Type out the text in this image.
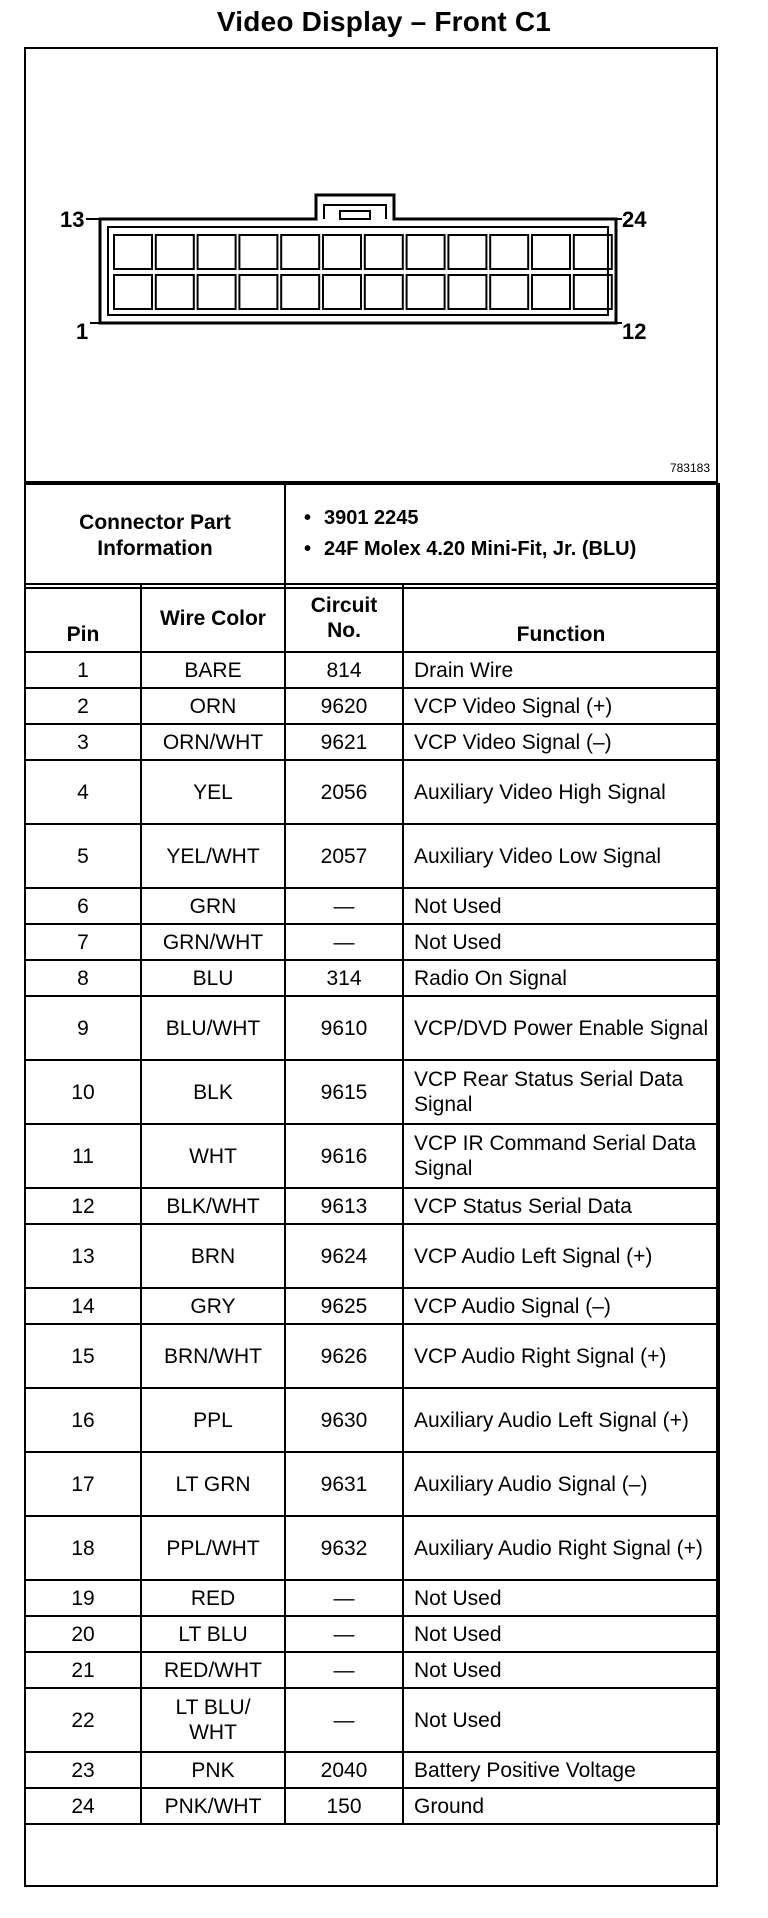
Video Display – Front C1
13	24
1	12
783183
Connector Part
Information

• 3901 2245
• 24F Molex 4.20 Mini-Fit, Jr. (BLU)
Pin	Wire Color	Circuit No.	Function
1	BARE	814	Drain Wire
2	ORN	9620	VCP Video Signal (+)
3	ORN/WHT	9621	VCP Video Signal (–)
4	YEL	2056	Auxiliary Video High Signal
5	YEL/WHT	2057	Auxiliary Video Low Signal
6	GRN	—	Not Used
7	GRN/WHT	—	Not Used
8	BLU	314	Radio On Signal
9	BLU/WHT	9610	VCP/DVD Power Enable Signal
10	BLK	9615	VCP Rear Status Serial Data Signal
11	WHT	9616	VCP IR Command Serial Data Signal
12	BLK/WHT	9613	VCP Status Serial Data
13	BRN	9624	VCP Audio Left Signal (+)
14	GRY	9625	VCP Audio Signal (–)
15	BRN/WHT	9626	VCP Audio Right Signal (+)
16	PPL	9630	Auxiliary Audio Left Signal (+)
17	LT GRN	9631	Auxiliary Audio Signal (–)
18	PPL/WHT	9632	Auxiliary Audio Right Signal (+)
19	RED	—	Not Used
20	LT BLU	—	Not Used
21	RED/WHT	—	Not Used
22	LT BLU/ WHT	—	Not Used
23	PNK	2040	Battery Positive Voltage
24	PNK/WHT	150	Ground
